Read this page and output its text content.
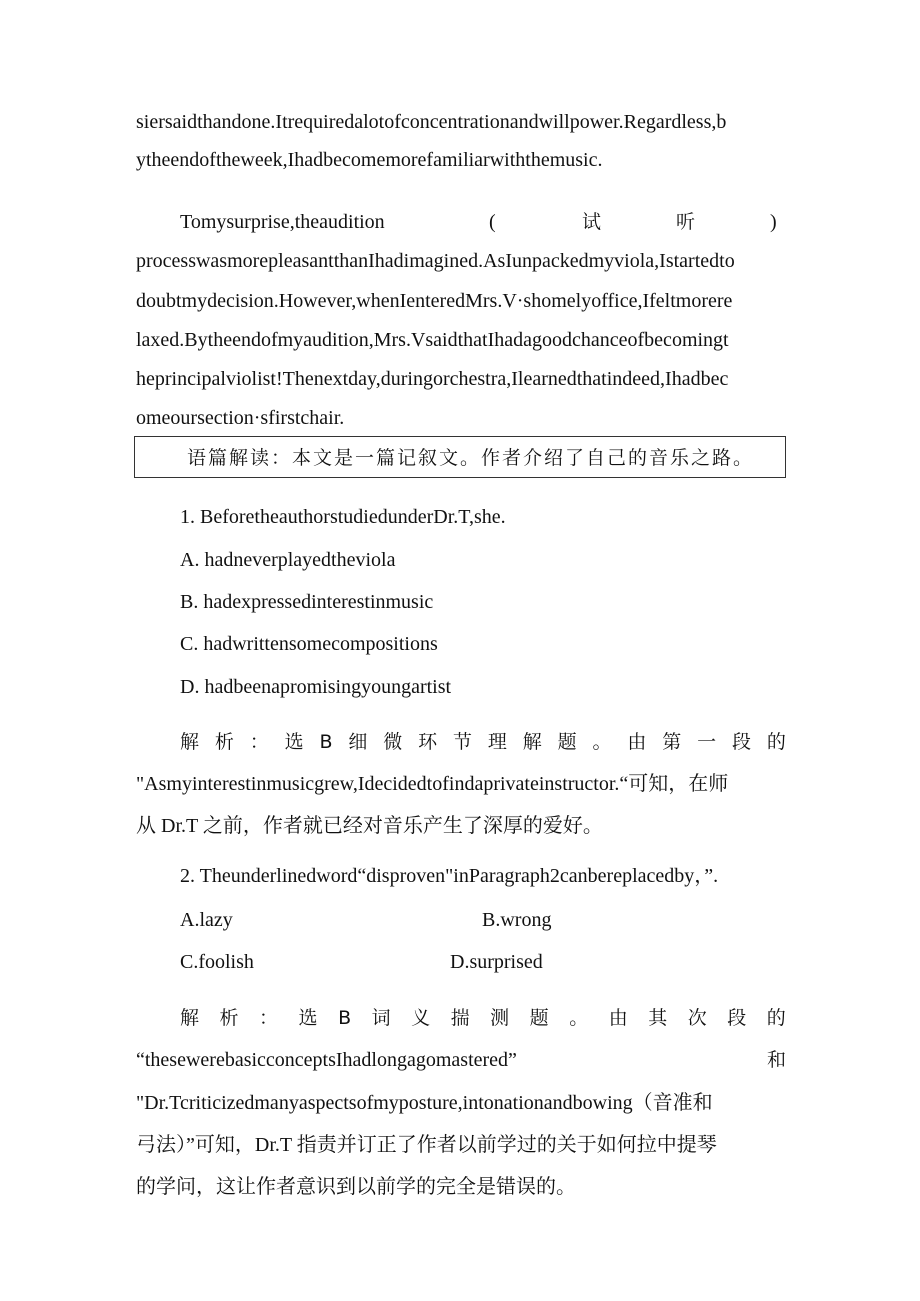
siersaidthandone.Itrequiredalotofconcentrationandwillpower.Regardless,b
ytheendoftheweek,Ihadbecomemorefamiliarwiththemusic.
Tomysurprise,theaudition	(	试	听	)
processwasmorepleasantthanIhadimagined.AsIunpackedmyviola,Istartedto
doubtmydecision.However,whenIenteredMrs.V·shomelyoffice,Ifeltmorere
laxed.Bytheendofmyaudition,Mrs.VsaidthatIhadagoodchanceofbecomingt
heprincipalviolist!Thenextday,duringorchestra,Ilearnedthatindeed,Ihadbec
omeoursection·sfirstchair.
语篇解读：本文是一篇记叙文。作者介绍了自己的音乐之路。
1. BeforetheauthorstudiedunderDr.T,she.
A. hadneverplayedtheviola
B. hadexpressedinterestinmusic
C. hadwrittensomecompositions
D. hadbeenapromisingyoungartist
解 析 ： 选 B 细 微 环 节 理 解 题 。 由 第 一 段 的
"Asmyinterestinmusicgrew,Idecidedtofindaprivateinstructor.“可知，在师
从 Dr.T 之前，作者就已经对音乐产生了深厚的爱好。
2. Theunderlinedword“disproven"inParagraph2canbereplacedby，”.
A.lazy	B.wrong
C.foolish	D.surprised
解 析 ： 选 B 词 义 揣 测 题 。 由 其 次 段 的
“thesewerebasicconceptsIhadlongagomastered”	和
"Dr.Tcriticizedmanyaspectsofmyposture,intonationandbowing（音准和
弓法）”可知，Dr.T 指责并订正了作者以前学过的关于如何拉中提琴
的学问，这让作者意识到以前学的完全是错误的。
